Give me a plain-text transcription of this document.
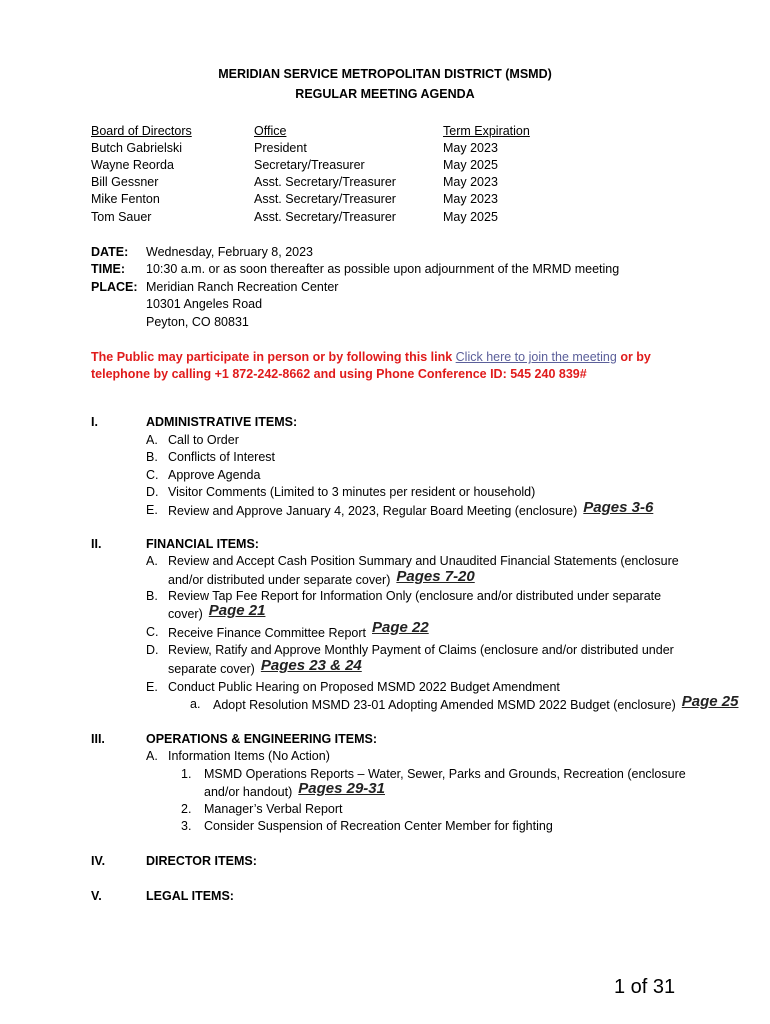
MERIDIAN SERVICE METROPOLITAN DISTRICT (MSMD)
REGULAR MEETING AGENDA
Board of Directors	Office	Term Expiration
Butch Gabrielski	President	May 2023
Wayne Reorda	Secretary/Treasurer	May 2025
Bill Gessner	Asst. Secretary/Treasurer	May 2023
Mike Fenton	Asst. Secretary/Treasurer	May 2023
Tom Sauer	Asst. Secretary/Treasurer	May 2025
DATE: Wednesday, February 8, 2023
TIME: 10:30 a.m. or as soon thereafter as possible upon adjournment of the MRMD meeting
PLACE: Meridian Ranch Recreation Center
10301 Angeles Road
Peyton, CO 80831
The Public may participate in person or by following this link Click here to join the meeting or by
telephone by calling +1 872-242-8662 and using Phone Conference ID: 545 240 839#
I.	ADMINISTRATIVE ITEMS:
A. Call to Order
B. Conflicts of Interest
C. Approve Agenda
D. Visitor Comments (Limited to 3 minutes per resident or household)
E. Review and Approve January 4, 2023, Regular Board Meeting (enclosure) Pages 3-6
II.	FINANCIAL ITEMS:
A. Review and Accept Cash Position Summary and Unaudited Financial Statements (enclosure
and/or distributed under separate cover) Pages 7-20
B. Review Tap Fee Report for Information Only (enclosure and/or distributed under separate
cover) Page 21
C. Receive Finance Committee Report Page 22
D. Review, Ratify and Approve Monthly Payment of Claims (enclosure and/or distributed under
separate cover) Pages 23 & 24
E. Conduct Public Hearing on Proposed MSMD 2022 Budget Amendment
a. Adopt Resolution MSMD 23-01 Adopting Amended MSMD 2022 Budget (enclosure) Page 25
III.	OPERATIONS & ENGINEERING ITEMS:
A. Information Items (No Action)
1. MSMD Operations Reports – Water, Sewer, Parks and Grounds, Recreation (enclosure
and/or handout) Pages 29-31
2. Manager’s Verbal Report
3. Consider Suspension of Recreation Center Member for fighting
IV.	DIRECTOR ITEMS:
V.	LEGAL ITEMS:
1 of 31
